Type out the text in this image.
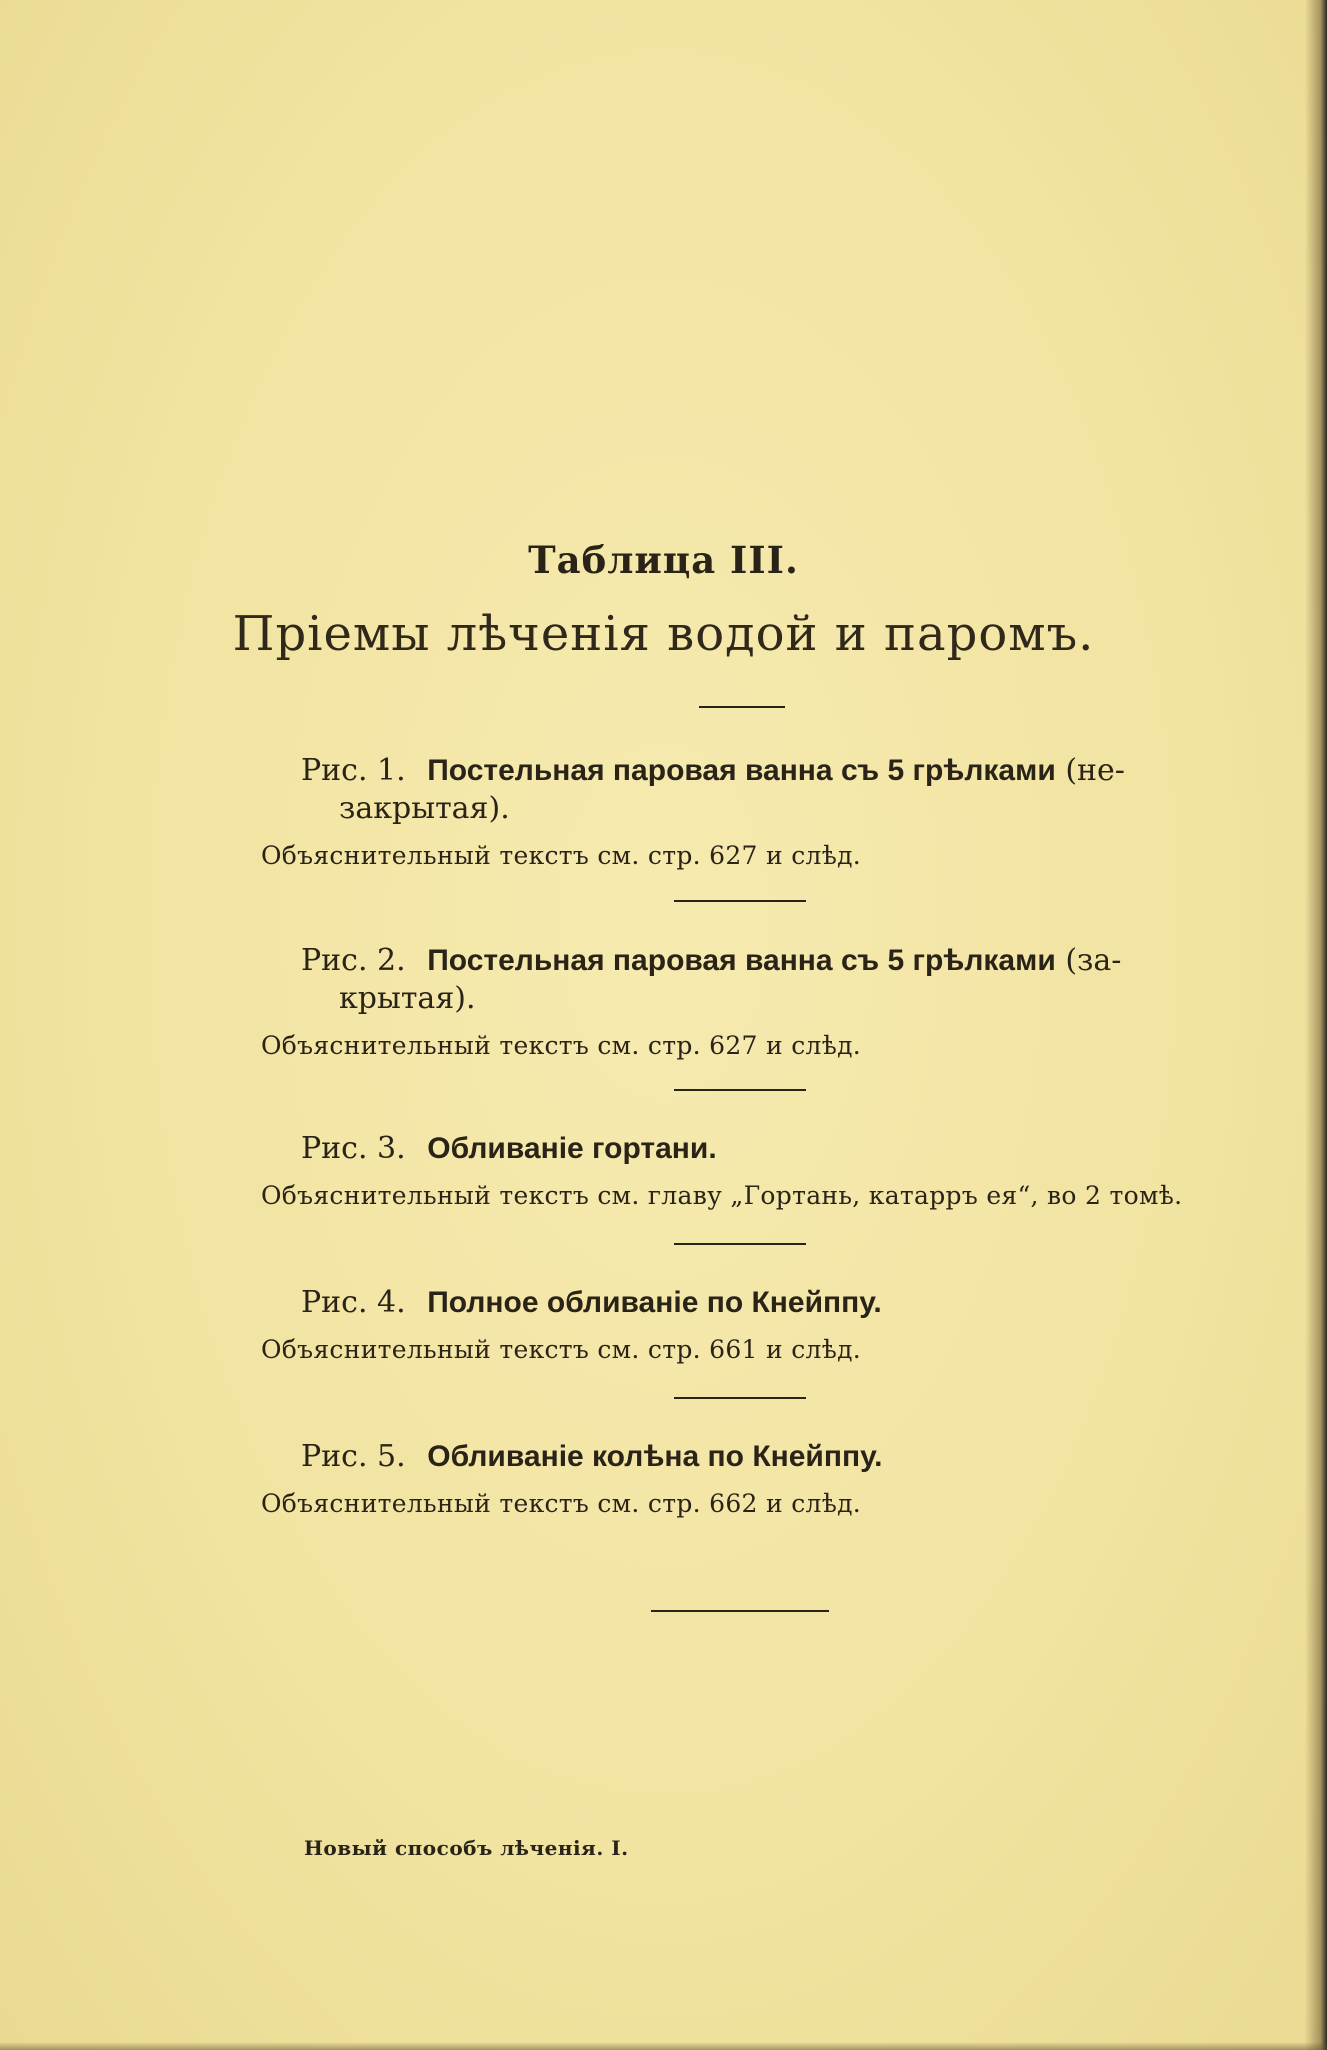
Таблица III.
Пріемы лѣченія водой и паромъ.

Рис. 1. Постельная паровая ванна съ 5 грѣлками (не-

закрытая).

Объяснительный текстъ см. стр. 627 и слѣд.

Рис. 2. Постельная паровая ванна съ 5 грѣлками (за-

крытая).

Объяснительный текстъ см. стр. 627 и слѣд.

Рис. 3. Обливаніе гортани.

Объяснительный текстъ см. главу „Гортань, катарръ ея“, во 2 томѣ.

Рис. 4. Полное обливаніе по Кнейппу.

Объяснительный текстъ см. стр. 661 и слѣд.

Рис. 5. Обливаніе колѣна по Кнейппу.

Объяснительный текстъ см. стр. 662 и слѣд.

Новый способъ лѣченія. I.
